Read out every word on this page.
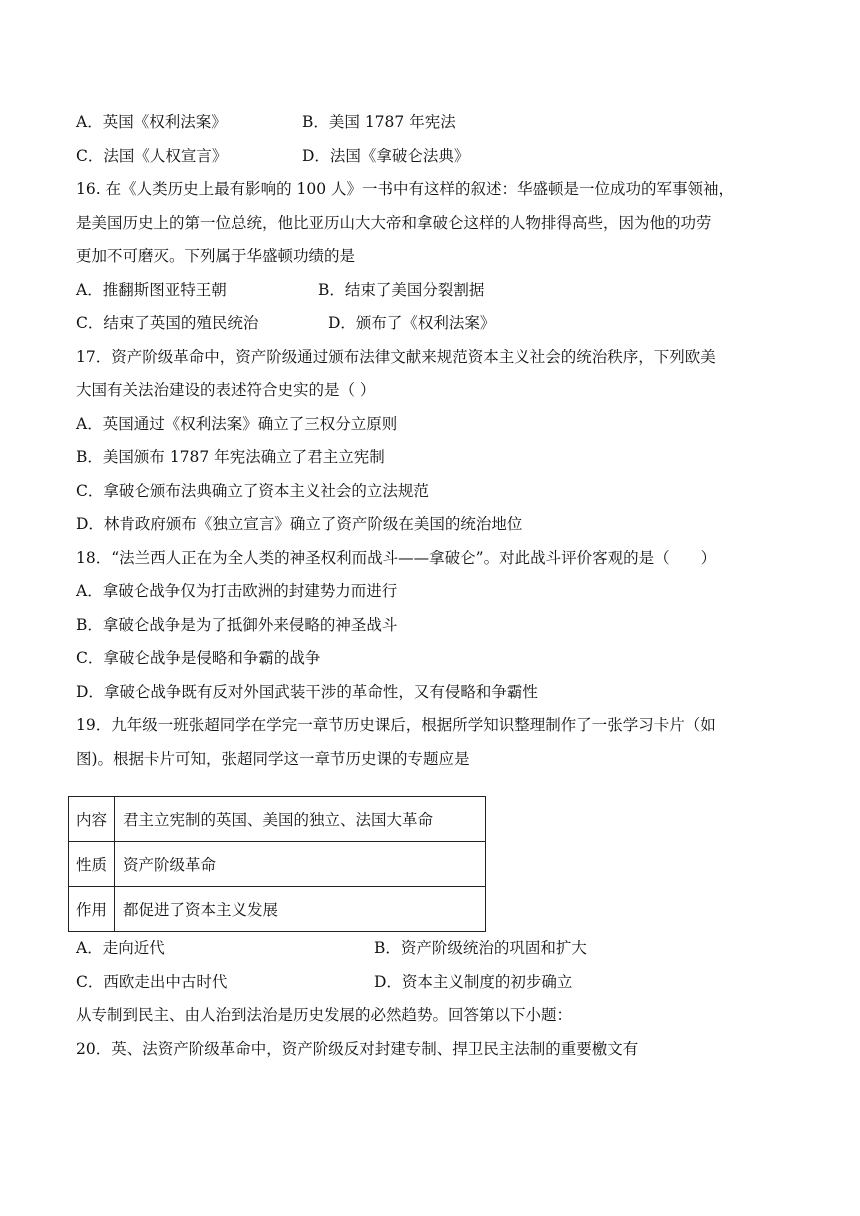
A．英国《权利法案》	B．美国 1787 年宪法
C．法国《人权宣言》	D．法国《拿破仑法典》
16. 在《人类历史上最有影响的 100 人》一书中有这样的叙述：华盛顿是一位成功的军事领袖，
是美国历史上的第一位总统，他比亚历山大大帝和拿破仑这样的人物排得高些，因为他的功劳
更加不可磨灭。下列属于华盛顿功绩的是
A．推翻斯图亚特王朝	B．结束了美国分裂割据
C．结束了英国的殖民统治	D．颁布了《权利法案》
17．资产阶级革命中，资产阶级通过颁布法律文献来规范资本主义社会的统治秩序，下列欧美
大国有关法治建设的表述符合史实的是（ ）
A．英国通过《权利法案》确立了三权分立原则
B．美国颁布 1787 年宪法确立了君主立宪制
C．拿破仑颁布法典确立了资本主义社会的立法规范
D．林肯政府颁布《独立宣言》确立了资产阶级在美国的统治地位
18．“法兰西人正在为全人类的神圣权利而战斗——拿破仑”。对此战斗评价客观的是（　　）
A．拿破仑战争仅为打击欧洲的封建势力而进行
B．拿破仑战争是为了抵御外来侵略的神圣战斗
C．拿破仑战争是侵略和争霸的战争
D．拿破仑战争既有反对外国武装干涉的革命性，又有侵略和争霸性
19．九年级一班张超同学在学完一章节历史课后，根据所学知识整理制作了一张学习卡片（如
图)。根据卡片可知，张超同学这一章节历史课的专题应是
内容	君主立宪制的英国、美国的独立、法国大革命
性质	资产阶级革命
作用	都促进了资本主义发展
A．走向近代	B．资产阶级统治的巩固和扩大
C．西欧走出中古时代	D．资本主义制度的初步确立
从专制到民主、由人治到法治是历史发展的必然趋势。回答第以下小题：
20．英、法资产阶级革命中，资产阶级反对封建专制、捍卫民主法制的重要檄文有
